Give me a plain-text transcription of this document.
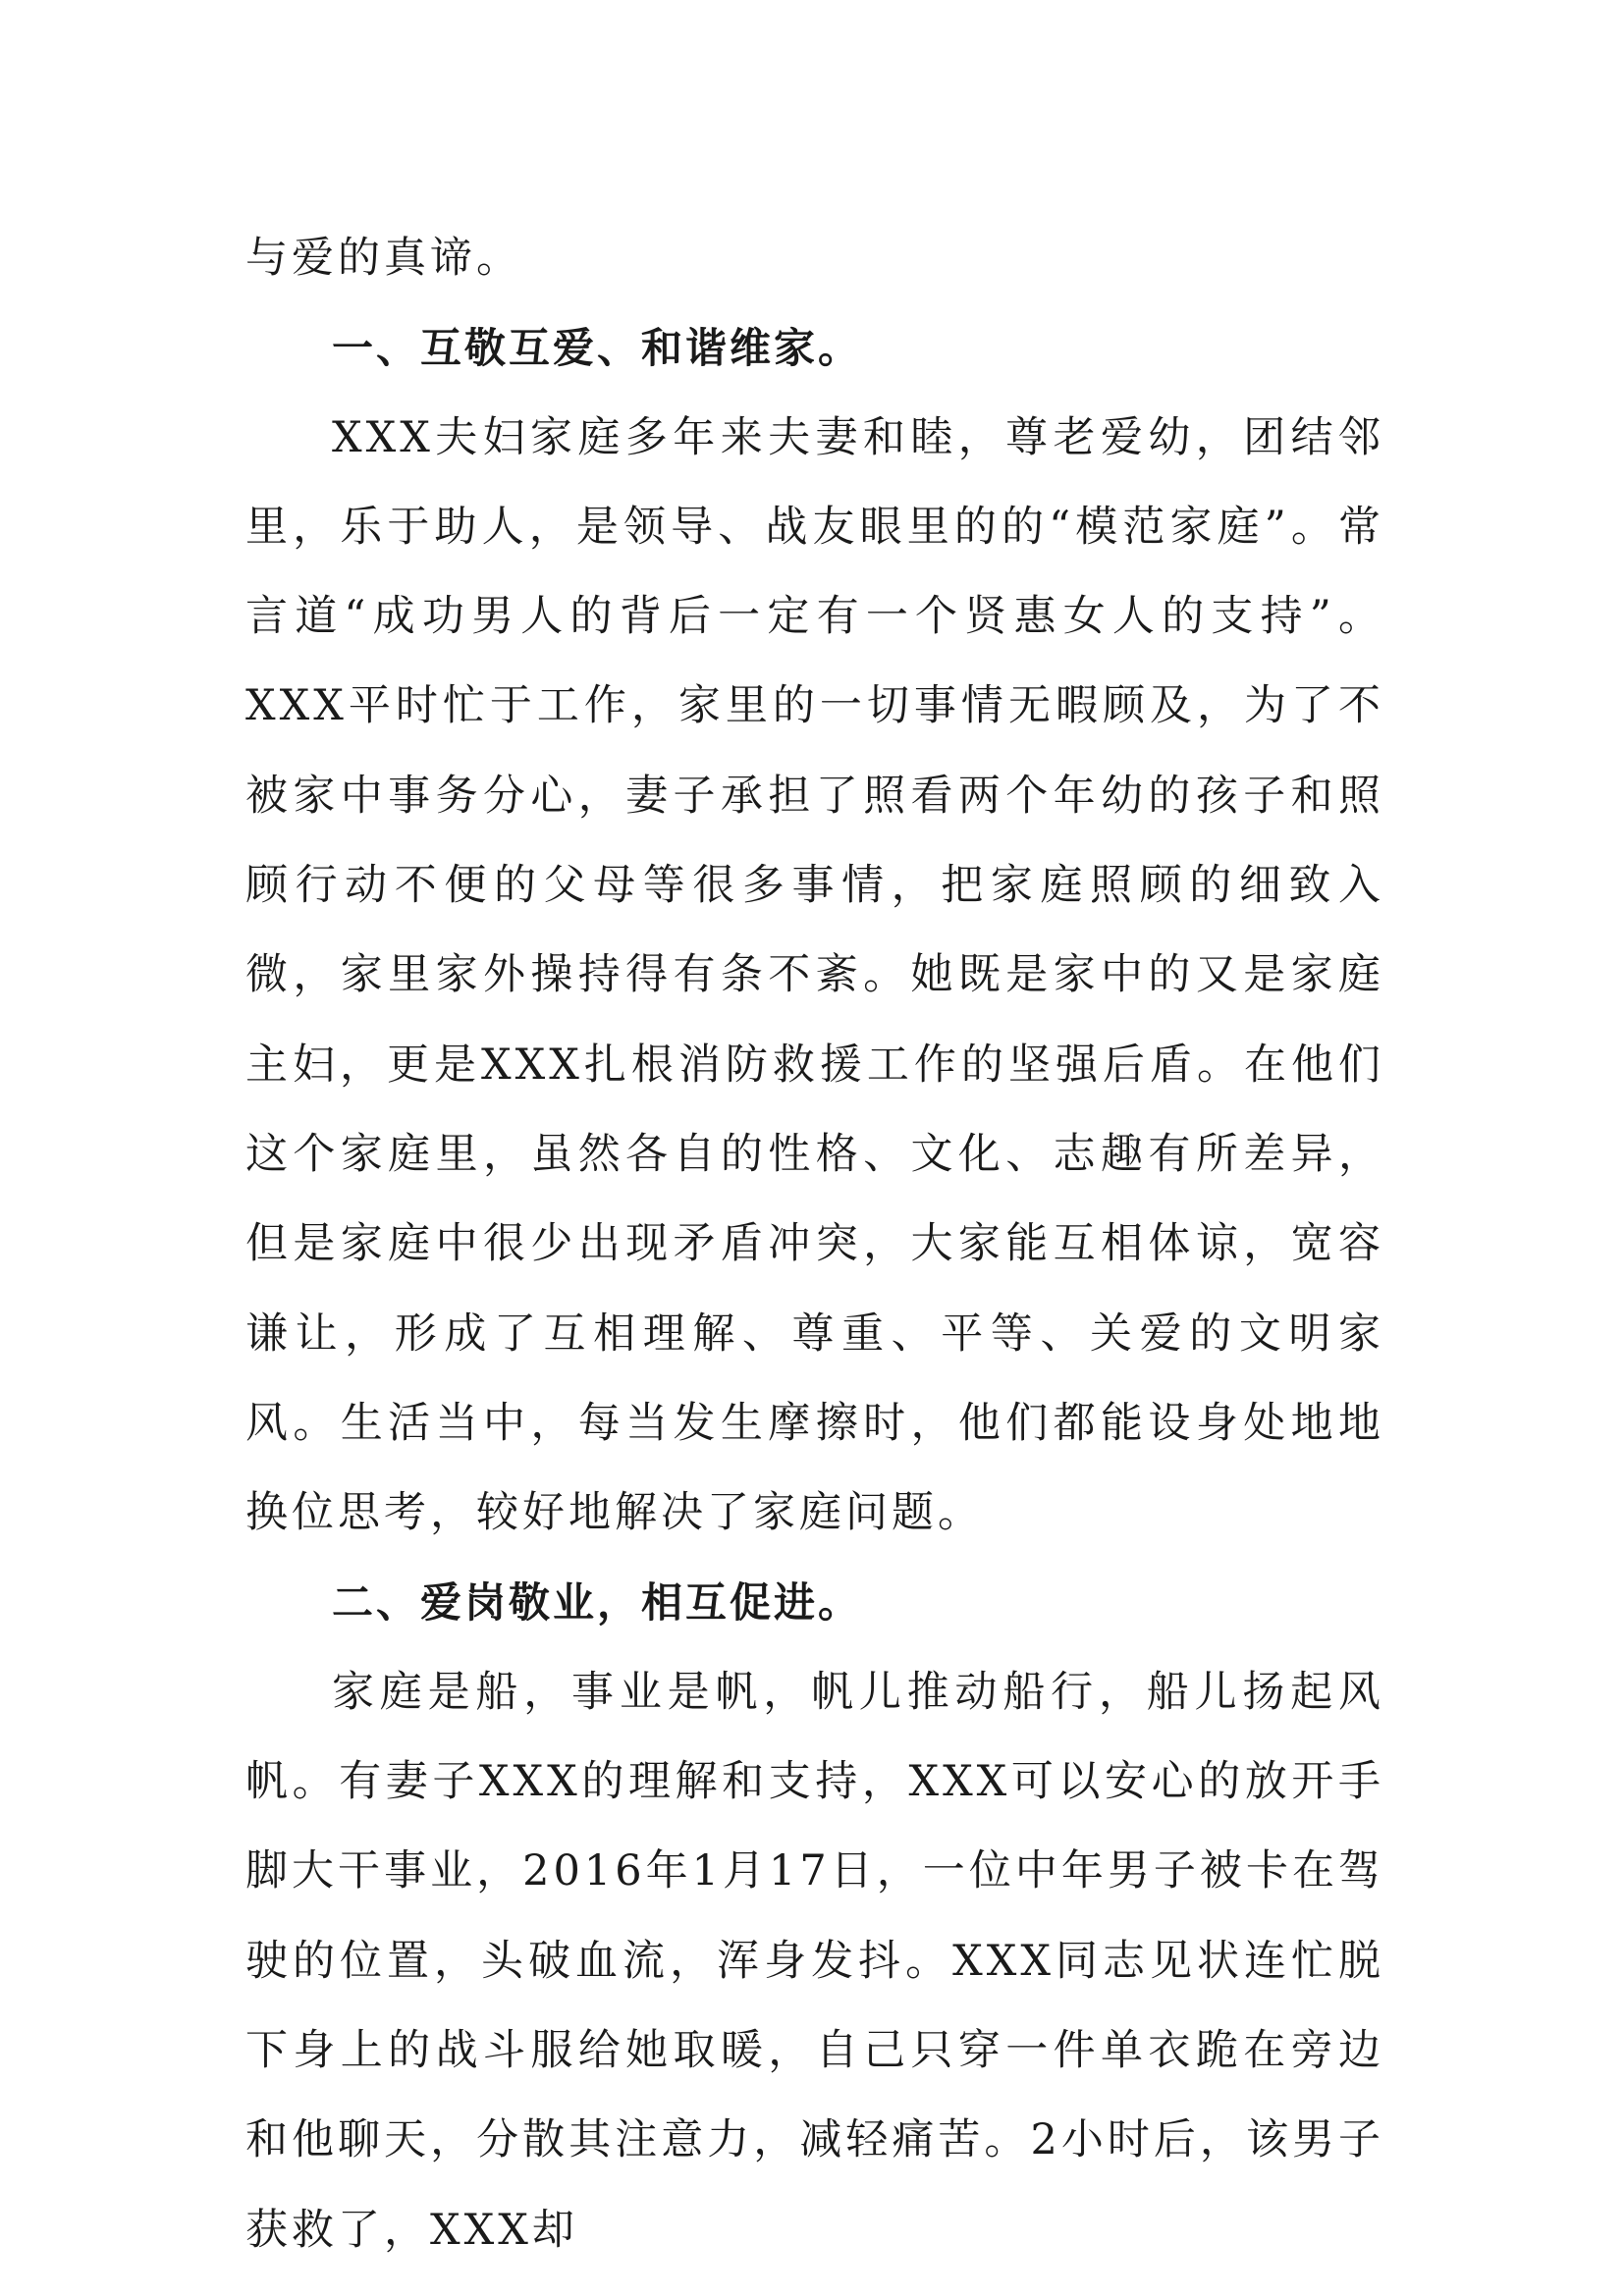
与爱的真谛。

一、互敬互爱、和谐维家。

XXX夫妇家庭多年来夫妻和睦，尊老爱幼，团结邻里，乐于助人，是领导、战友眼里的的“模范家庭”。常言道“成功男人的背后一定有一个贤惠女人的支持”。XXX平时忙于工作，家里的一切事情无暇顾及，为了不被家中事务分心，妻子承担了照看两个年幼的孩子和照顾行动不便的父母等很多事情，把家庭照顾的细致入微，家里家外操持得有条不紊。她既是家中的又是家庭主妇，更是XXX扎根消防救援工作的坚强后盾。在他们这个家庭里，虽然各自的性格、文化、志趣有所差异，但是家庭中很少出现矛盾冲突，大家能互相体谅，宽容谦让，形成了互相理解、尊重、平等、关爱的文明家风。生活当中，每当发生摩擦时，他们都能设身处地地换位思考，较好地解决了家庭问题。

二、爱岗敬业，相互促进。

家庭是船，事业是帆，帆儿推动船行，船儿扬起风帆。有妻子XXX的理解和支持，XXX可以安心的放开手脚大干事业，2016年1月17日，一位中年男子被卡在驾驶的位置，头破血流，浑身发抖。XXX同志见状连忙脱下身上的战斗服给她取暖，自己只穿一件单衣跪在旁边和他聊天，分散其注意力，减轻痛苦。2小时后，该男子获救了，XXX却
